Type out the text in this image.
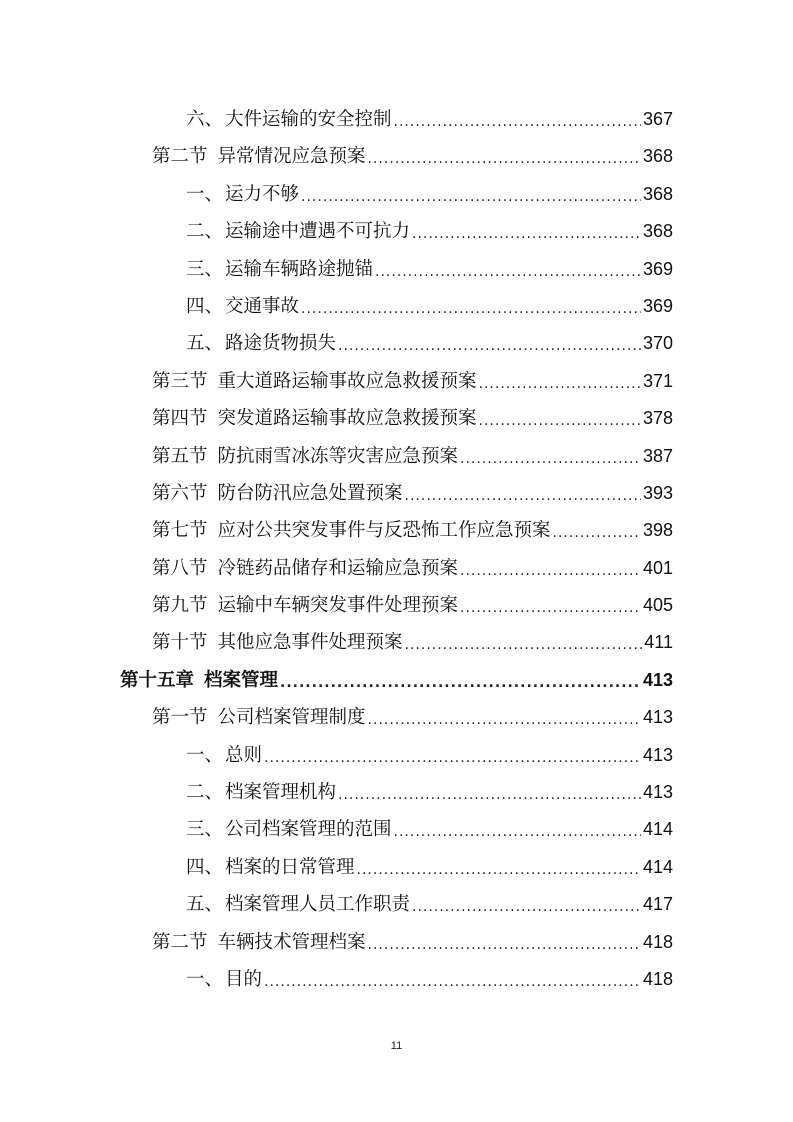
六、 大件运输的安全控制 .....	367
第二节 异常情况应急预案 .....	368
一、 运力不够 .....	368
二、 运输途中遭遇不可抗力 .....	368
三、 运输车辆路途抛锚 .....	369
四、 交通事故 .....	369
五、 路途货物损失 .....	370
第三节 重大道路运输事故应急救援预案 .....	371
第四节 突发道路运输事故应急救援预案 .....	378
第五节 防抗雨雪冰冻等灾害应急预案 .....	387
第六节 防台防汛应急处置预案 .....	393
第七节 应对公共突发事件与反恐怖工作应急预案 .....	398
第八节 冷链药品储存和运输应急预案 .....	401
第九节 运输中车辆突发事件处理预案 .....	405
第十节 其他应急事件处理预案 .....	411
第十五章 档案管理 .....	413
第一节 公司档案管理制度 .....	413
一、 总则 .....	413
二、 档案管理机构 .....	413
三、 公司档案管理的范围 .....	414
四、 档案的日常管理 .....	414
五、 档案管理人员工作职责 .....	417
第二节 车辆技术管理档案 .....	418
一、 目的 .....	418
11
